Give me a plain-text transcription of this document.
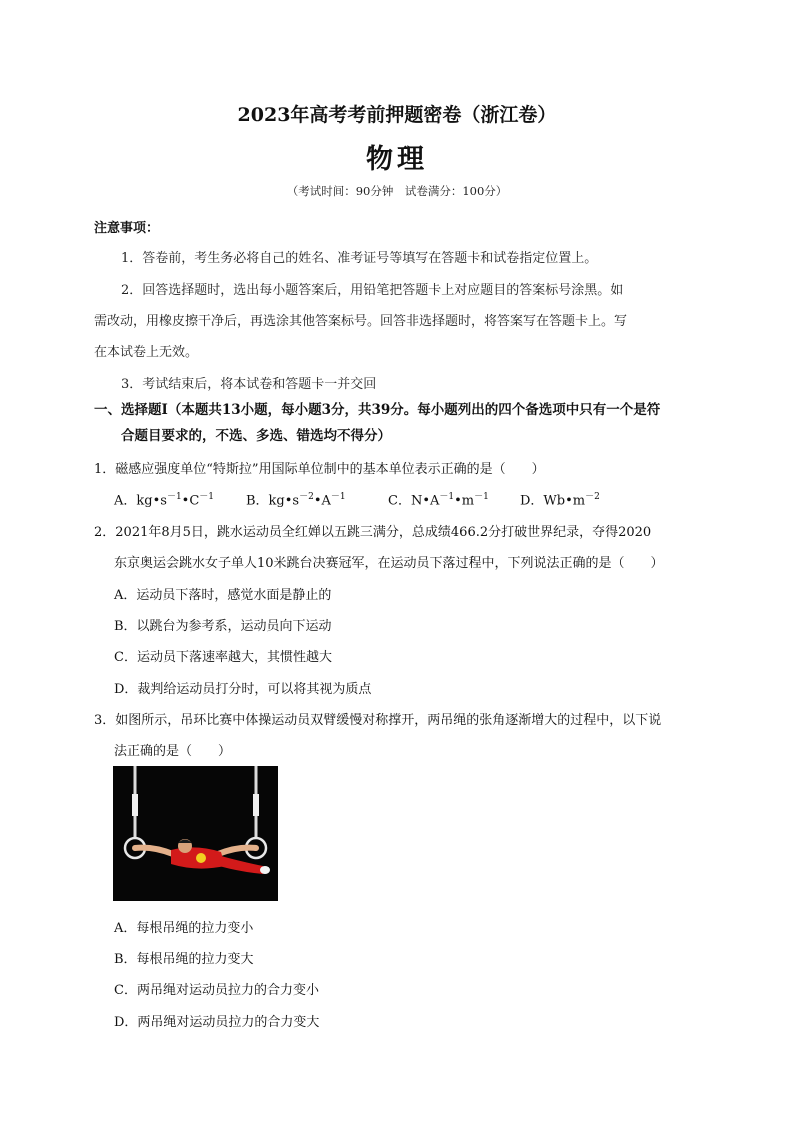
2023年高考考前押题密卷（浙江卷）
物理
（考试时间：90分钟　试卷满分：100分）
注意事项：
1．答卷前，考生务必将自己的姓名、准考证号等填写在答题卡和试卷指定位置上。
2．回答选择题时，选出每小题答案后，用铅笔把答题卡上对应题目的答案标号涂黑。如
需改动，用橡皮擦干净后，再选涂其他答案标号。回答非选择题时，将答案写在答题卡上。写
在本试卷上无效。
3．考试结束后，将本试卷和答题卡一并交回
一、选择题Ⅰ（本题共13小题，每小题3分，共39分。每小题列出的四个备选项中只有一个是符
合题目要求的，不选、多选、错选均不得分）
1．磁感应强度单位“特斯拉”用国际单位制中的基本单位表示正确的是（　　）
A．$kg•s^{-1}•C^{-1}$ B．$kg•s^{-2}•A^{-1}$	C．$N•A^{-1}•m^{-1}$ D．$Wb•m^{-2}$
2．2021年8月5日，跳水运动员全红婵以五跳三满分，总成绩466.2分打破世界纪录，夺得2020
东京奥运会跳水女子单人10米跳台决赛冠军，在运动员下落过程中，下列说法正确的是（　　）
A．运动员下落时，感觉水面是静止的
B．以跳台为参考系，运动员向下运动
C．运动员下落速率越大，其惯性越大
D．裁判给运动员打分时，可以将其视为质点
3．如图所示，吊环比赛中体操运动员双臂缓慢对称撑开，两吊绳的张角逐渐增大的过程中，以下说
法正确的是（　　）
A．每根吊绳的拉力变小
B．每根吊绳的拉力变大
C．两吊绳对运动员拉力的合力变小
D．两吊绳对运动员拉力的合力变大
